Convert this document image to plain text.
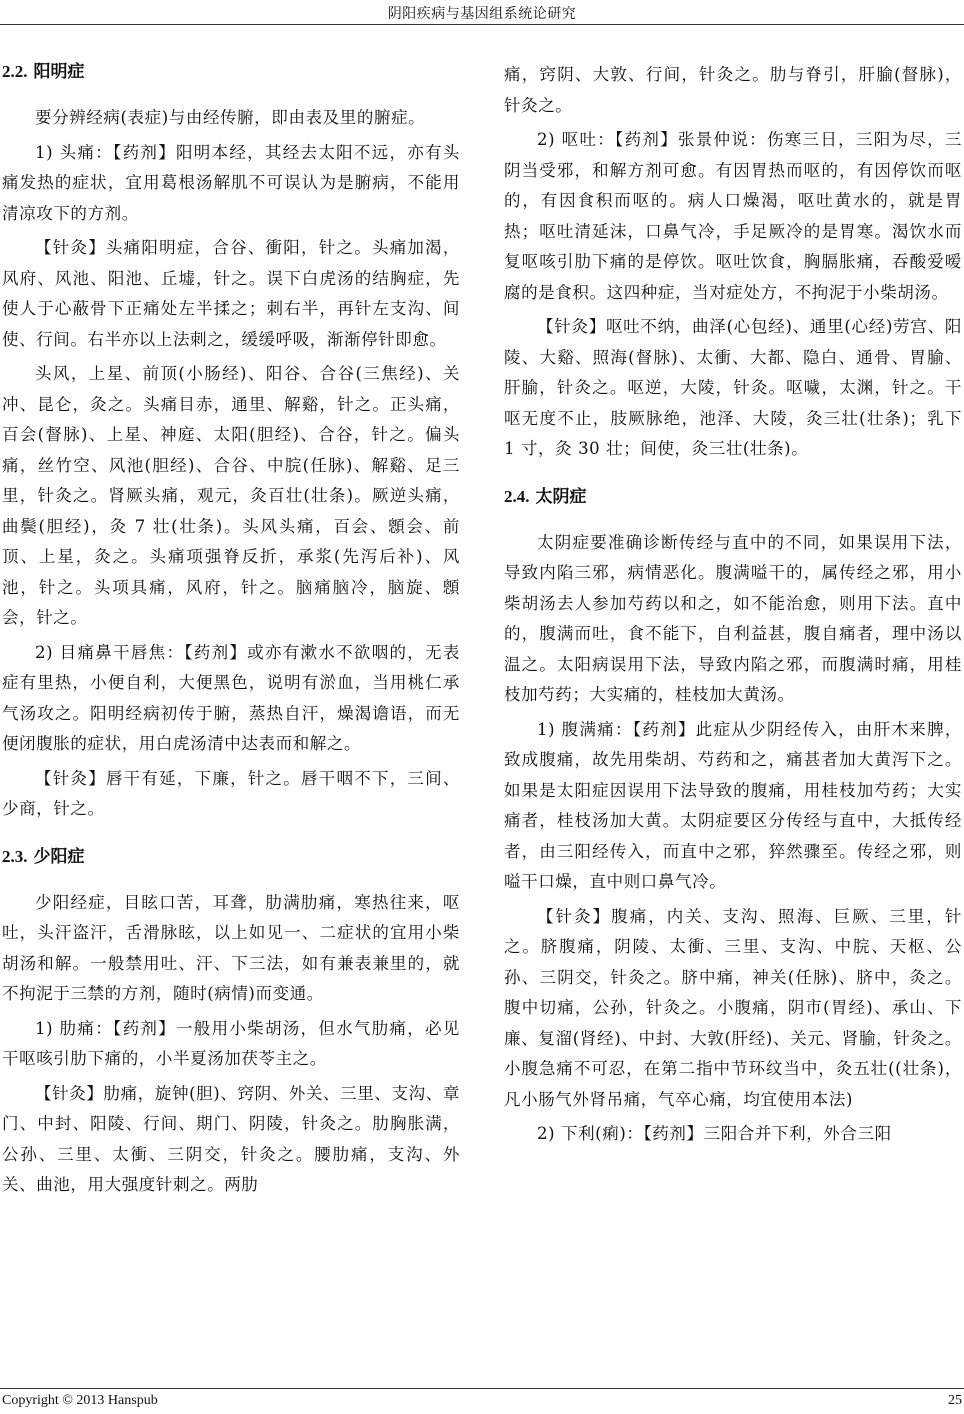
阴阳疾病与基因组系统论研究
2.2. 阳明症

要分辨经病(表症)与由经传腑，即由表及里的腑症。

1) 头痛：【药剂】阳明本经，其经去太阳不远，亦有头痛发热的症状，宜用葛根汤解肌不可误认为是腑病，不能用清凉攻下的方剂。

【针灸】头痛阳明症，合谷、衝阳，针之。头痛加渴，风府、风池、阳池、丘墟，针之。误下白虎汤的结胸症，先使人于心蔽骨下正痛处左半揉之；刺右半，再针左支沟、间使、行间。右半亦以上法刺之，缓缓呼吸，渐渐停针即愈。

头风，上星、前顶(小肠经)、阳谷、合谷(三焦经)、关冲、昆仑，灸之。头痛目赤，通里、解谿，针之。正头痛，百会(督脉)、上星、神庭、太阳(胆经)、合谷，针之。偏头痛，丝竹空、风池(胆经)、合谷、中脘(任脉)、解谿、足三里，针灸之。肾厥头痛，观元，灸百壮(壮条)。厥逆头痛，曲鬓(胆经)，灸 7 壮(壮条)。头风头痛，百会、顖会、前顶、上星，灸之。头痛项强脊反折，承浆(先泻后补)、风池，针之。头项具痛，风府，针之。脑痛脑冷，脑旋、顖会，针之。

2) 目痛鼻干唇焦：【药剂】或亦有漱水不欲咽的，无表症有里热，小便自利，大便黑色，说明有淤血，当用桃仁承气汤攻之。阳明经病初传于腑，蒸热自汗，燥渴谵语，而无便闭腹胀的症状，用白虎汤清中达表而和解之。

【针灸】唇干有延，下廉，针之。唇干咽不下，三间、少商，针之。

2.3. 少阳症

少阳经症，目眩口苦，耳聋，肋满肋痛，寒热往来，呕吐，头汗盗汗，舌滑脉眩，以上如见一、二症状的宜用小柴胡汤和解。一般禁用吐、汗、下三法，如有兼表兼里的，就不拘泥于三禁的方剂，随时(病情)而变通。

1) 肋痛：【药剂】一般用小柴胡汤，但水气肋痛，必见干呕咳引肋下痛的，小半夏汤加茯苓主之。

【针灸】肋痛，旋钟(胆)、窍阴、外关、三里、支沟、章门、中封、阳陵、行间、期门、阴陵，针灸之。肋胸胀满，公孙、三里、太衝、三阴交，针灸之。腰肋痛，支沟、外关、曲池，用大强度针刺之。两肋

痛，窍阴、大敦、行间，针灸之。肋与脊引，肝腧(督脉)，针灸之。

2) 呕吐：【药剂】张景仲说：伤寒三日，三阳为尽，三阴当受邪，和解方剂可愈。有因胃热而呕的，有因停饮而呕的，有因食积而呕的。病人口燥渴，呕吐黄水的，就是胃热；呕吐清延沫，口鼻气冷，手足厥冷的是胃寒。渴饮水而复呕咳引肋下痛的是停饮。呕吐饮食，胸膈胀痛，吞酸爱嗳腐的是食积。这四种症，当对症处方，不拘泥于小柴胡汤。

【针灸】呕吐不纳，曲泽(心包经)、通里(心经)劳宫、阳陵、大谿、照海(督脉)、太衝、大都、隐白、通骨、胃腧、肝腧，针灸之。呕逆，大陵，针灸。呕噦，太渊，针之。干呕无度不止，肢厥脉绝，池泽、大陵，灸三壮(壮条)；乳下 1 寸，灸 30 壮；间使，灸三壮(壮条)。

2.4. 太阴症

太阴症要准确诊断传经与直中的不同，如果误用下法，导致内陷三邪，病情恶化。腹满嗌干的，属传经之邪，用小柴胡汤去人参加芍药以和之，如不能治愈，则用下法。直中的，腹满而吐，食不能下，自利益甚，腹自痛者，理中汤以温之。太阳病误用下法，导致内陷之邪，而腹满时痛，用桂枝加芍药；大实痛的，桂枝加大黄汤。

1) 腹满痛：【药剂】此症从少阴经传入，由肝木来脾，致成腹痛，故先用柴胡、芍药和之，痛甚者加大黄泻下之。如果是太阳症因误用下法导致的腹痛，用桂枝加芍药；大实痛者，桂枝汤加大黄。太阴症要区分传经与直中，大抵传经者，由三阳经传入，而直中之邪，猝然骤至。传经之邪，则嗌干口燥，直中则口鼻气冷。

【针灸】腹痛，内关、支沟、照海、巨厥、三里，针之。脐腹痛，阴陵、太衝、三里、支沟、中脘、天枢、公孙、三阴交，针灸之。脐中痛，神关(任脉)、脐中，灸之。腹中切痛，公孙，针灸之。小腹痛，阴市(胃经)、承山、下廉、复溜(肾经)、中封、大敦(肝经)、关元、肾腧，针灸之。小腹急痛不可忍，在第二指中节环纹当中，灸五壮((壮条)，凡小肠气外肾吊痛，气卒心痛，均宜使用本法)

2) 下利(痢)：【药剂】三阳合并下利，外合三阳

Copyright © 2013 Hanspub	25
